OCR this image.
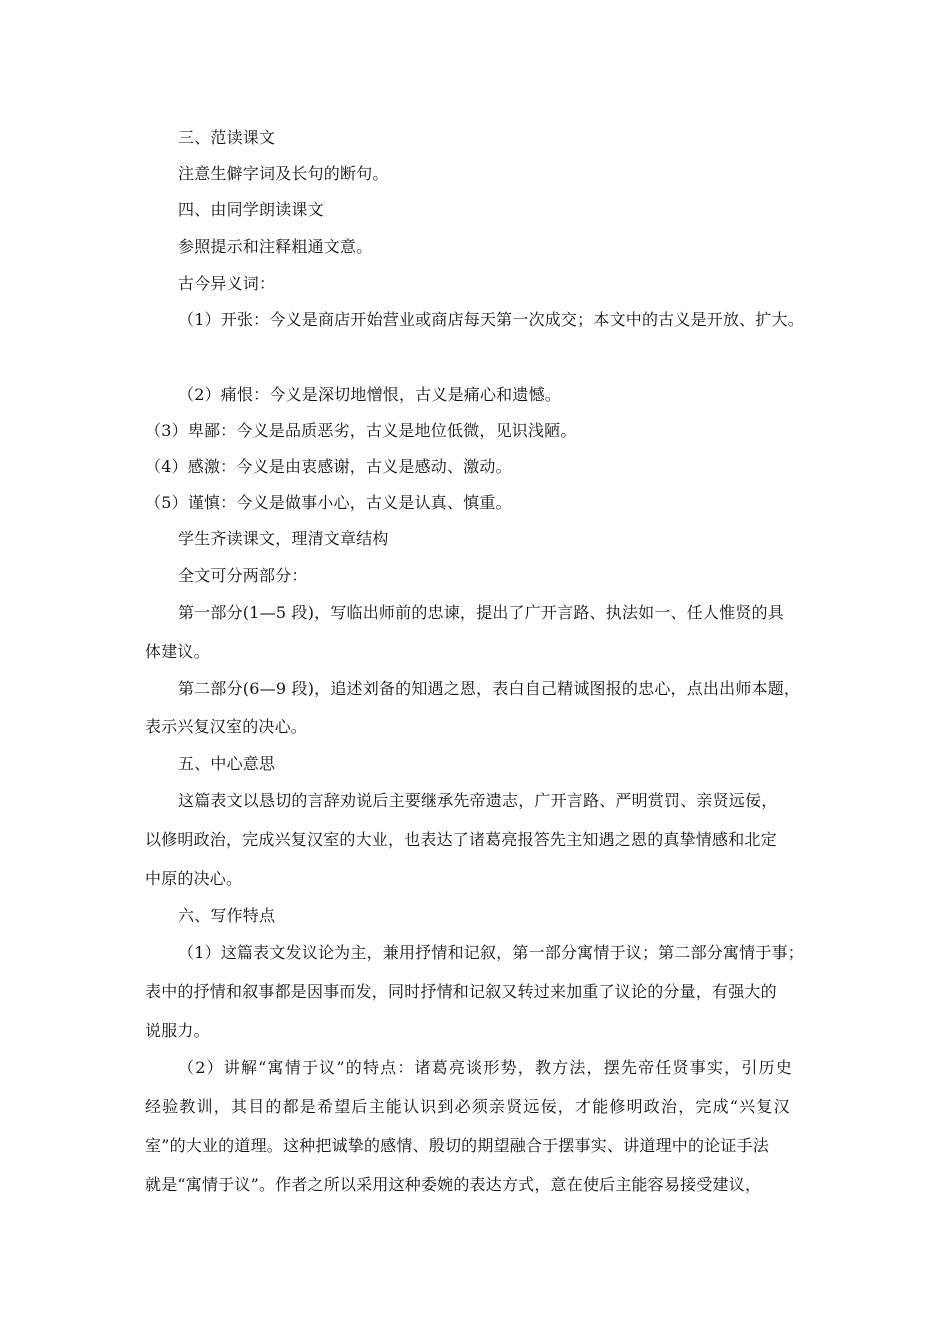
三、范读课文
注意生僻字词及长句的断句。
四、由同学朗读课文
参照提示和注释粗通文意。
古今异义词：
（1）开张：今义是商店开始营业或商店每天第一次成交；本文中的古义是开放、扩大。
（2）痛恨：今义是深切地憎恨，古义是痛心和遗憾。
（3）卑鄙：今义是品质恶劣，古义是地位低微，见识浅陋。
（4）感激：今义是由衷感谢，古义是感动、激动。
（5）谨慎：今义是做事小心，古义是认真、慎重。
学生齐读课文，理清文章结构
全文可分两部分：
第一部分(1—5 段)，写临出师前的忠谏，提出了广开言路、执法如一、任人惟贤的具
体建议。
第二部分(6—9 段)，追述刘备的知遇之恩，表白自己精诚图报的忠心，点出出师本题，
表示兴复汉室的决心。
五、中心意思
这篇表文以恳切的言辞劝说后主要继承先帝遗志，广开言路、严明赏罚、亲贤远佞，
以修明政治，完成兴复汉室的大业，也表达了诸葛亮报答先主知遇之恩的真挚情感和北定
中原的决心。
六、写作特点
（1）这篇表文发议论为主，兼用抒情和记叙，第一部分寓情于议；第二部分寓情于事；
表中的抒情和叙事都是因事而发，同时抒情和记叙又转过来加重了议论的分量，有强大的
说服力。
（2）讲解“寓情于议”的特点：诸葛亮谈形势，教方法，摆先帝任贤事实，引历史
经验教训，其目的都是希望后主能认识到必须亲贤远佞，才能修明政治，完成“兴复汉
室”的大业的道理。这种把诚挚的感情、殷切的期望融合于摆事实、讲道理中的论证手法
就是“寓情于议”。作者之所以采用这种委婉的表达方式，意在使后主能容易接受建议，
